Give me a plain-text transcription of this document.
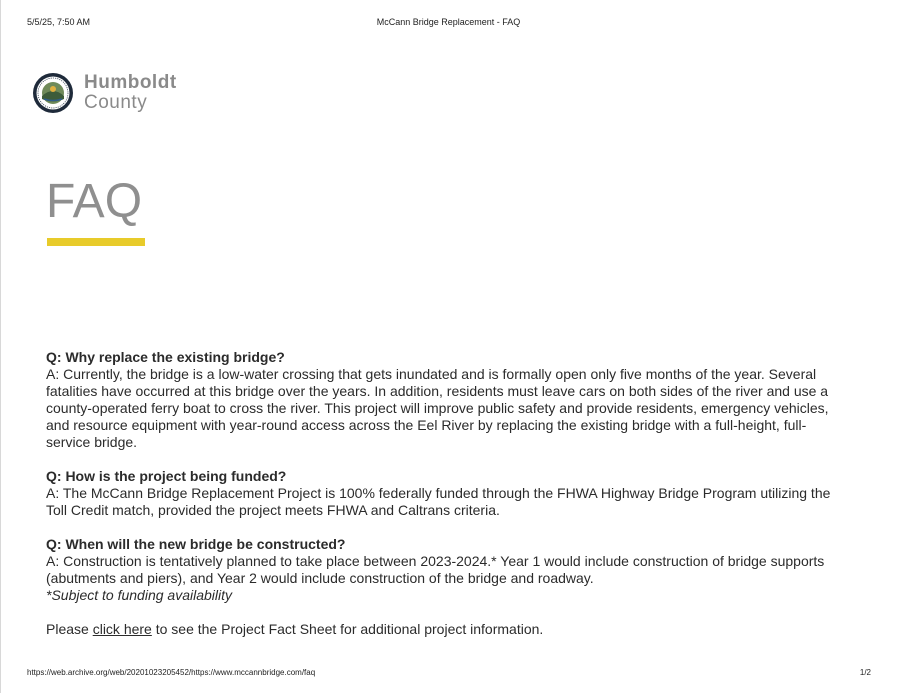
5/5/25, 7:50 AM	McCann Bridge Replacement - FAQ
Humboldt
County
FAQ
Q: Why replace the existing bridge?
A: Currently, the bridge is a low-water crossing that gets inundated and is formally open only five months of the year. Several fatalities have occurred at this bridge over the years. In addition, residents must leave cars on both sides of the river and use a county-operated ferry boat to cross the river. This project will improve public safety and provide residents, emergency vehicles, and resource equipment with year-round access across the Eel River by replacing the existing bridge with a full-height, full-service bridge.
Q: How is the project being funded?
A: The McCann Bridge Replacement Project is 100% federally funded through the FHWA Highway Bridge Program utilizing the Toll Credit match, provided the project meets FHWA and Caltrans criteria.
Q: When will the new bridge be constructed?
A: Construction is tentatively planned to take place between 2023-2024.* Year 1 would include construction of bridge supports (abutments and piers), and Year 2 would include construction of the bridge and roadway.
*Subject to funding availability

Please click here to see the Project Fact Sheet for additional project information.

https://web.archive.org/web/20201023205452/https://www.mccannbridge.com/faq	1/2
